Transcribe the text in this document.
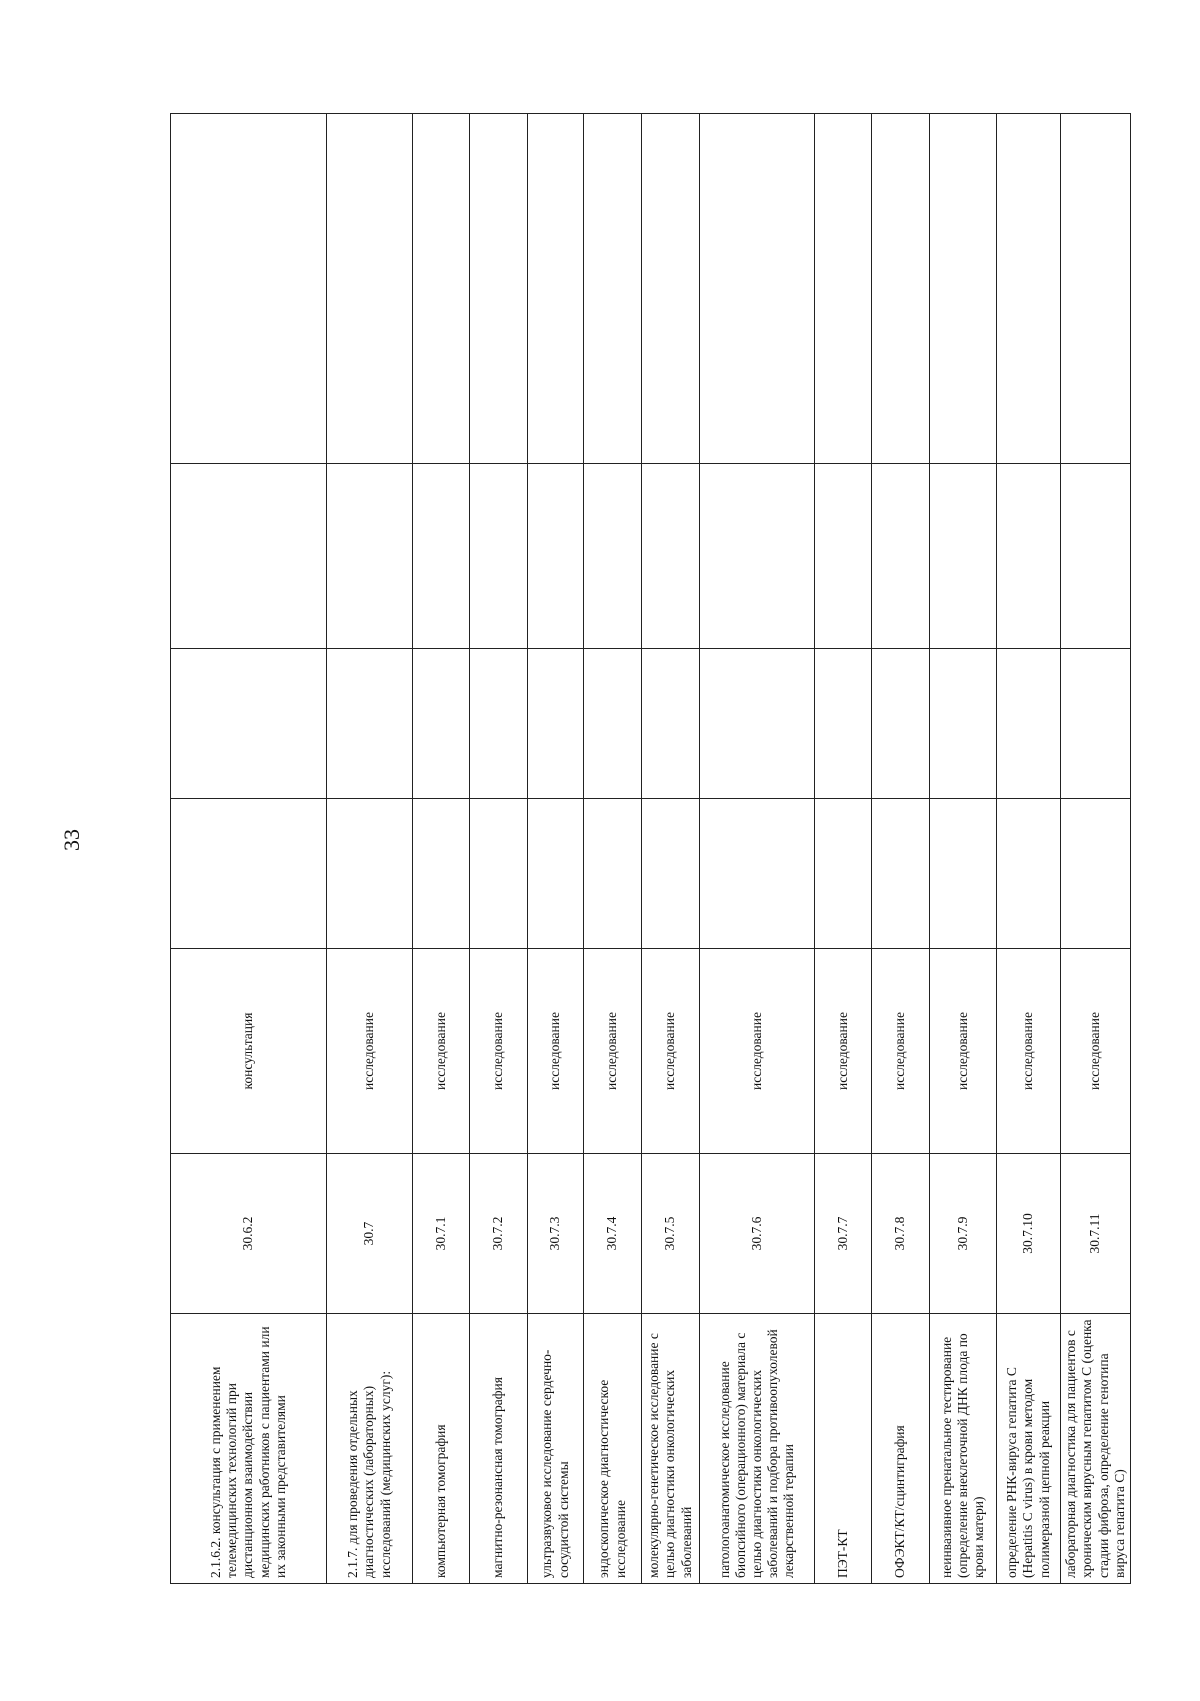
33
2.1.6.2. консультация с применением телемедицинских технологий при дистанционном взаимодействии медицинских работников с пациентами или их законными представителями	30.6.2	консультация				
2.1.7. для проведения отдельных диагностических (лабораторных) исследований (медицинских услуг):	30.7	исследование				
компьютерная томография	30.7.1	исследование				
магнитно-резонансная томография	30.7.2	исследование				
ультразвуковое исследование сердечно-сосудистой системы	30.7.3	исследование				
эндоскопическое диагностическое исследование	30.7.4	исследование				
молекулярно-генетическое исследование с целью диагностики онкологических заболеваний	30.7.5	исследование				
патологоанатомическое исследование биопсийного (операционного) материала с целью диагностики онкологических заболеваний и подбора противоопухолевой лекарственной терапии	30.7.6	исследование				
ПЭТ-КТ	30.7.7	исследование				
ОФЭКТ/КТ/сцинтиграфия	30.7.8	исследование				
неинвазивное пренатальное тестирование (определение внеклеточной ДНК плода по крови матери)	30.7.9	исследование				
определение РНК-вируса гепатита С (Hepatitis С virus) в крови методом полимеразной цепной реакции	30.7.10	исследование				
лабораторная диагностика для пациентов с хроническим вирусным гепатитом С (оценка стадии фиброза, определение генотипа вируса гепатита С)	30.7.11	исследование				
